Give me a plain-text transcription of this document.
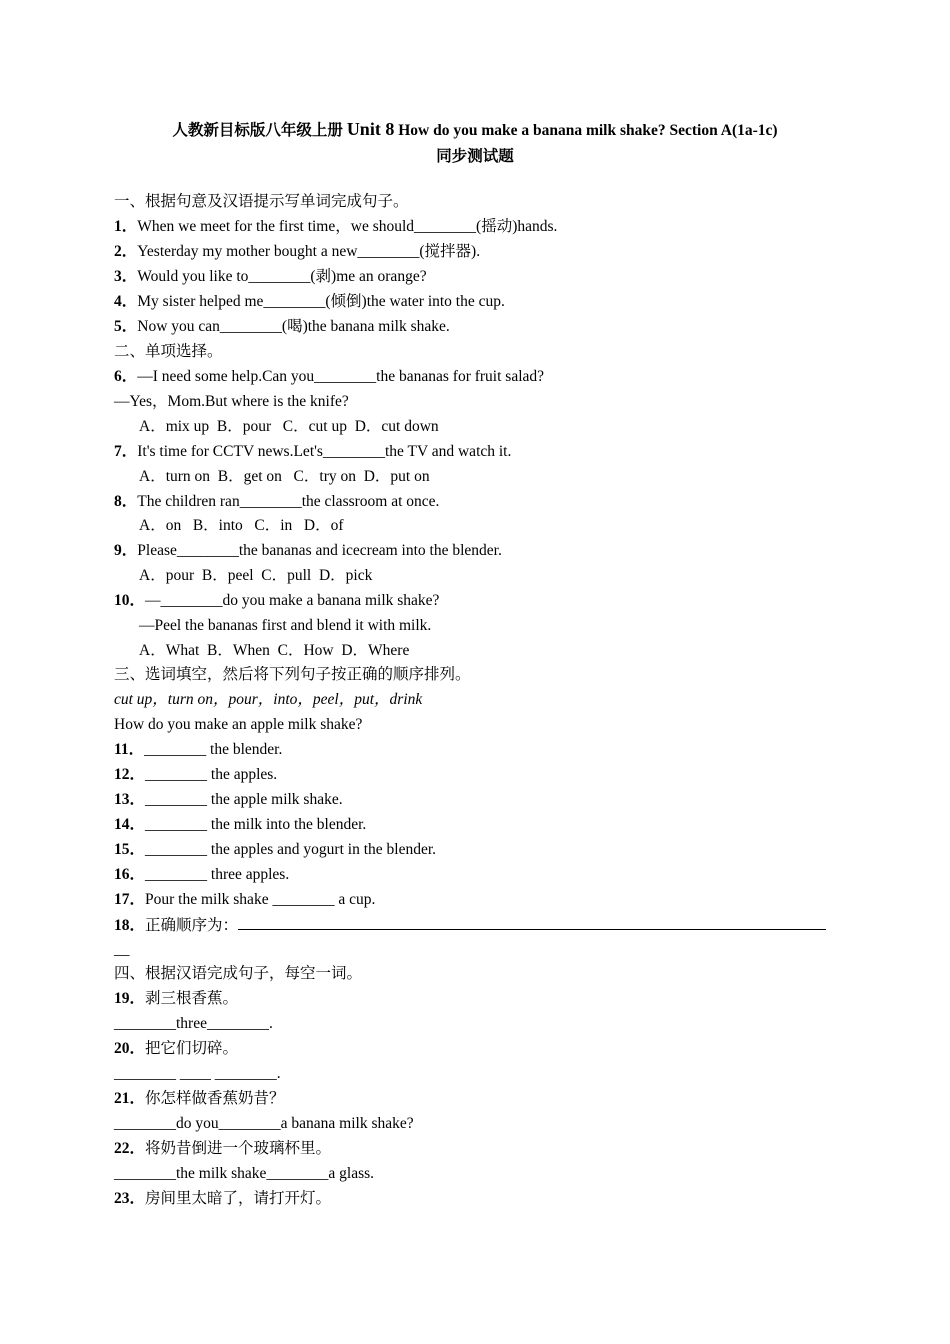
人教新目标版八年级上册 Unit 8 How do you make a banana milk shake? Section A(1a-1c)
同步测试题
一、根据句意及汉语提示写单词完成句子。
1．When we meet for the first time，we should________(摇动)hands.
2．Yesterday my mother bought a new________(搅拌器).
3．Would you like to________(剥)me an orange?
4．My sister helped me________(倾倒)the water into the cup.
5．Now you can________(喝)the banana milk shake.
二、单项选择。
6．—I need some help.Can you________the bananas for fruit salad?
—Yes，Mom.But where is the knife?
A．mix up  B．pour   C．cut up  D．cut down
7．It's time for CCTV news.Let's________the TV and watch it.
A．turn on  B．get on   C．try on  D．put on
8．The children ran________the classroom at once.
A．on   B．into   C．in   D．of
9．Please________the bananas and icecream into the blender.
A．pour  B．peel  C．pull  D．pick
10．—________do you make a banana milk shake?
—Peel the bananas first and blend it with milk.
A．What  B．When  C．How  D．Where
三、选词填空，然后将下列句子按正确的顺序排列。
cut up，turn on，pour，into，peel，put，drink
How do you make an apple milk shake?
11．________ the blender.
12．________ the apples.
13．________ the apple milk shake.
14．________ the milk into the blender.
15．________ the apples and yogurt in the blender.
16．________ three apples.
17．Pour the milk shake ________ a cup.
18．正确顺序为：
__
四、根据汉语完成句子，每空一词。
19．剥三根香蕉。
________three________.
20．把它们切碎。
________ ____ ________.
21．你怎样做香蕉奶昔？
________do you________a banana milk shake?
22．将奶昔倒进一个玻璃杯里。
________the milk shake________a glass.
23．房间里太暗了，请打开灯。
